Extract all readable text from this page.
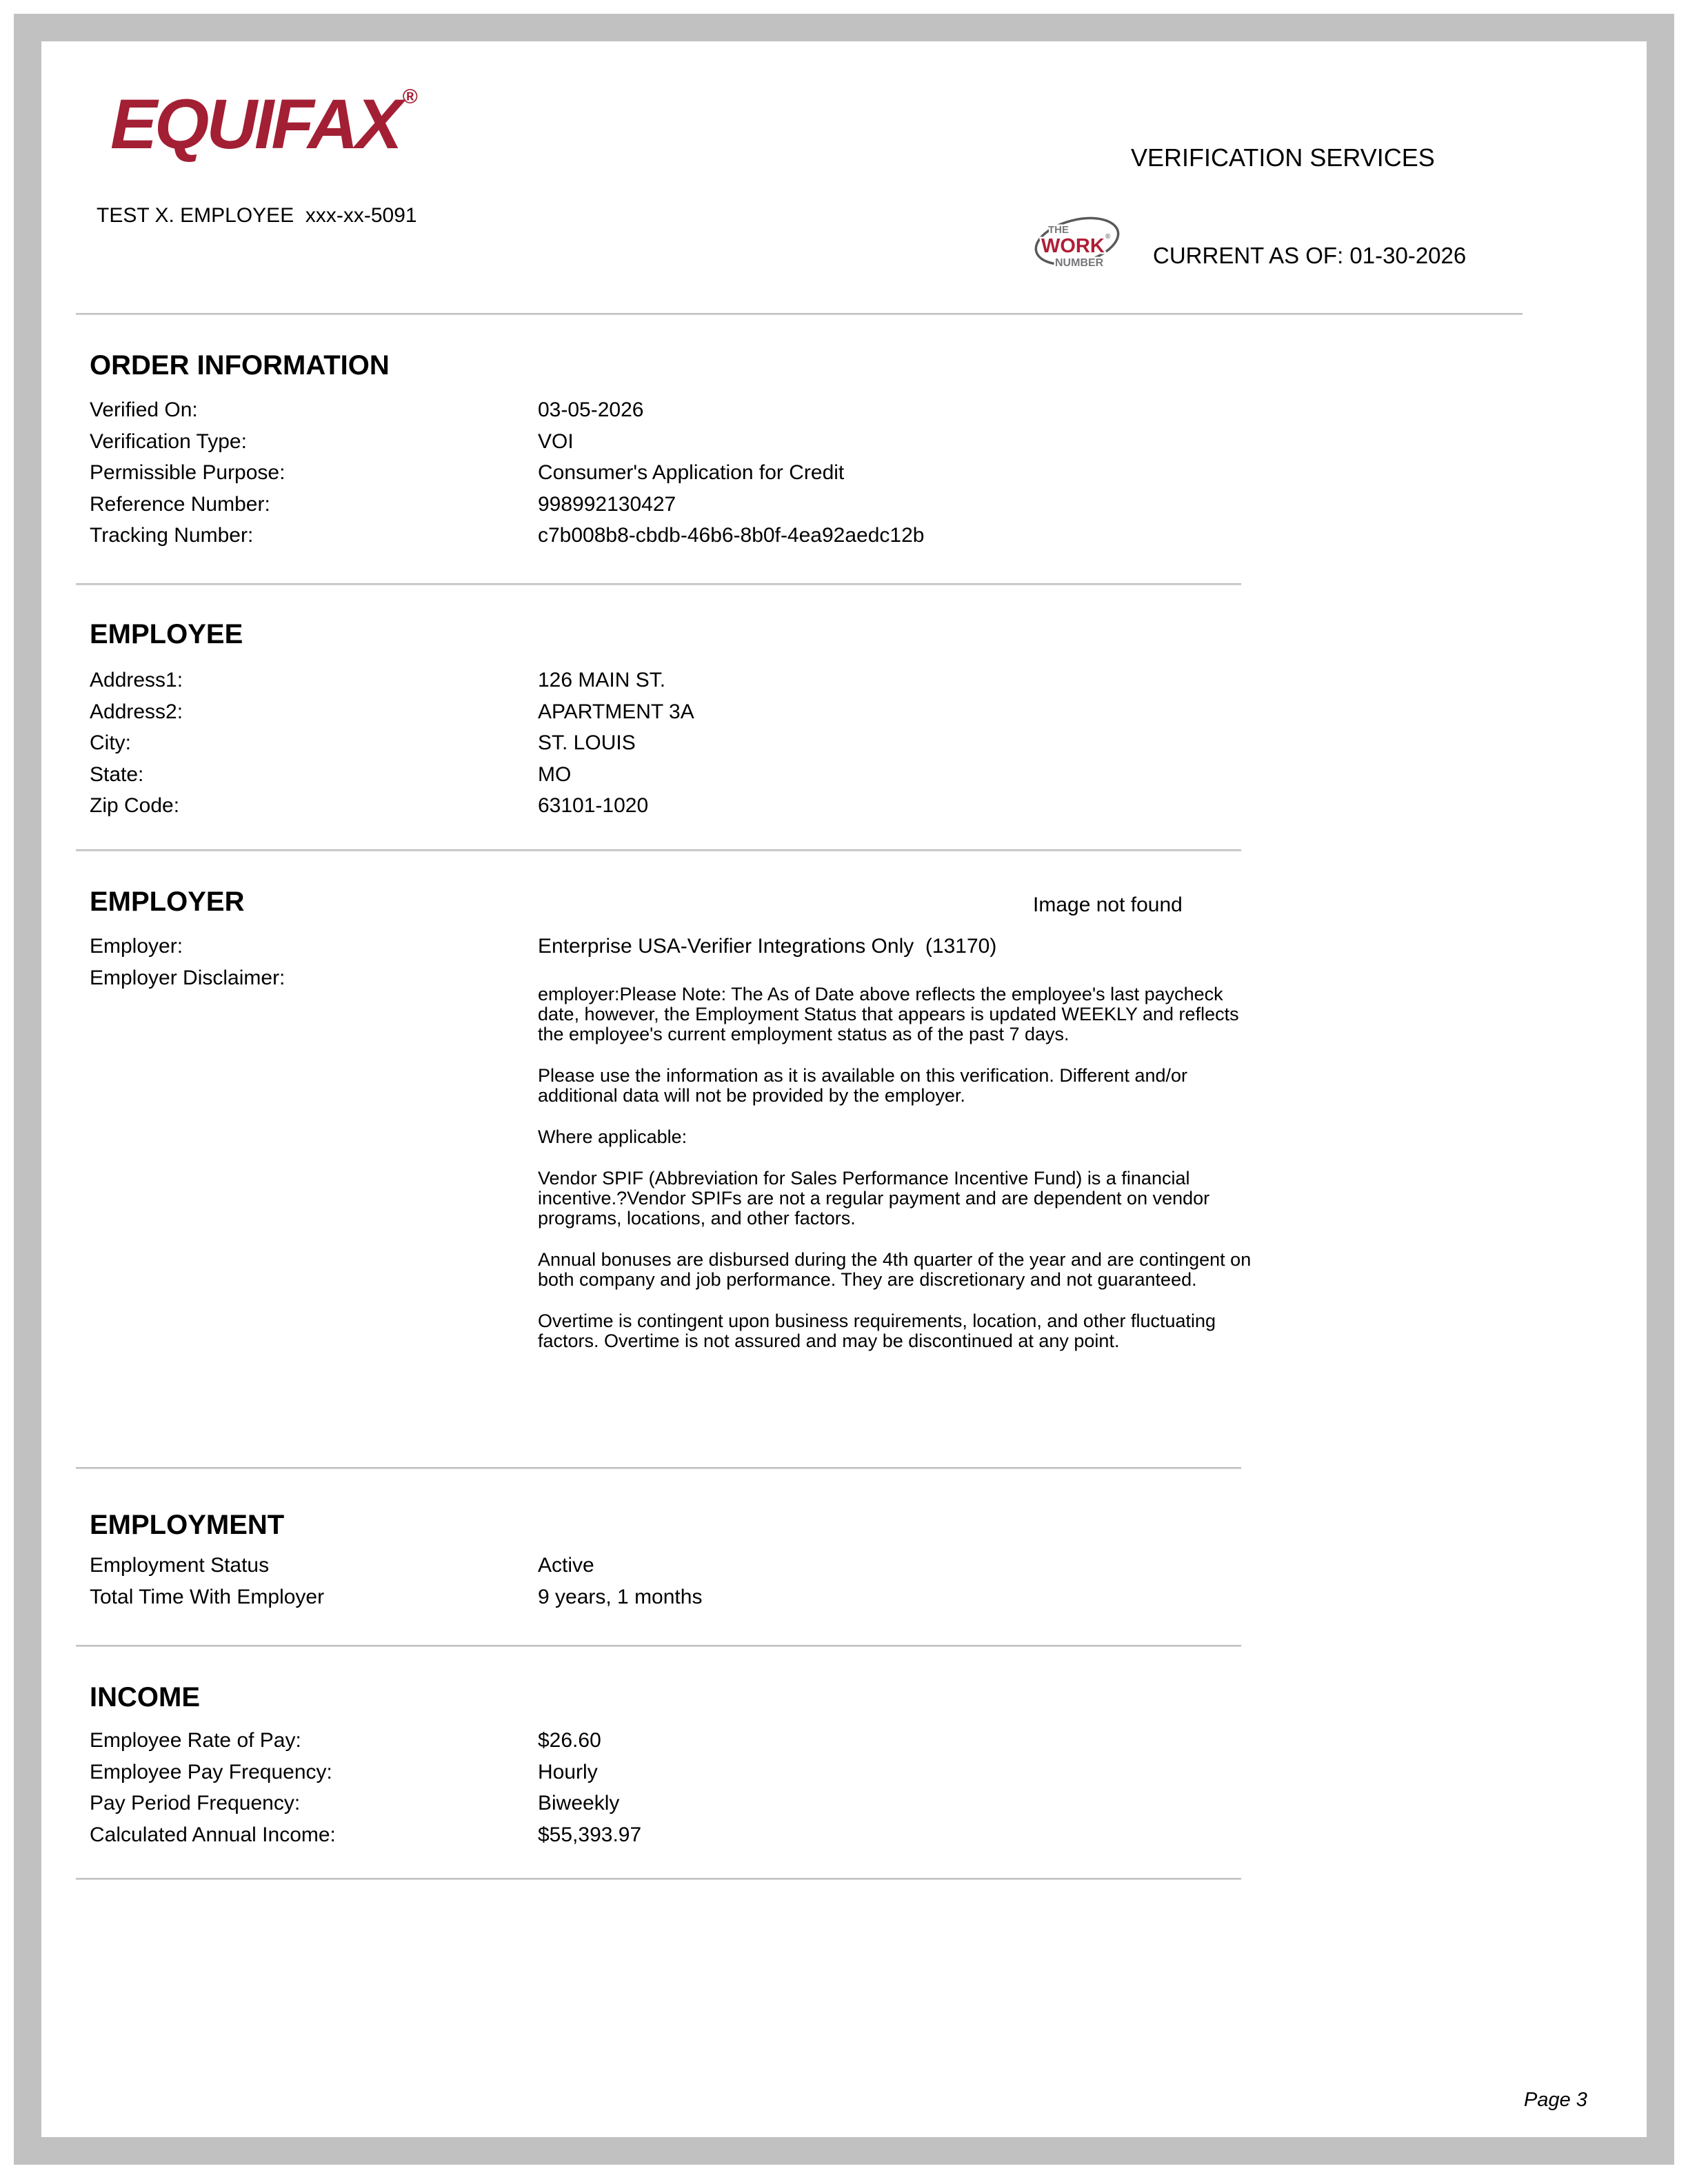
EQUIFAX ®
VERIFICATION SERVICES
TEST X. EMPLOYEE  xxx-xx-5091
THE
WORK ®
NUMBER CURRENT AS OF: 01-30-2026
ORDER INFORMATION
Verified On:	03-05-2026
Verification Type:	VOI
Permissible Purpose:	Consumer's Application for Credit
Reference Number:	998992130427
Tracking Number:	c7b008b8-cbdb-46b6-8b0f-4ea92aedc12b
EMPLOYEE
Address1:	126 MAIN ST.
Address2:	APARTMENT 3A
City:	ST. LOUIS
State:	MO
Zip Code:	63101-1020
EMPLOYER	Image not found
Employer:	Enterprise USA-Verifier Integrations Only  (13170)
Employer Disclaimer:

employer:Please Note: The As of Date above reflects the employee's last paycheck date, however, the Employment Status that appears is updated WEEKLY and reflects the employee's current employment status as of the past 7 days.

Please use the information as it is available on this verification. Different and/or additional data will not be provided by the employer.

Where applicable:

Vendor SPIF (Abbreviation for Sales Performance Incentive Fund) is a financial incentive.?Vendor SPIFs are not a regular payment and are dependent on vendor programs, locations, and other factors.

Annual bonuses are disbursed during the 4th quarter of the year and are contingent on both company and job performance. They are discretionary and not guaranteed.

Overtime is contingent upon business requirements, location, and other fluctuating factors. Overtime is not assured and may be discontinued at any point.

EMPLOYMENT
Employment Status	Active
Total Time With Employer	9 years, 1 months
INCOME
Employee Rate of Pay:	$26.60
Employee Pay Frequency:	Hourly
Pay Period Frequency:	Biweekly
Calculated Annual Income:	$55,393.97
Page 3
